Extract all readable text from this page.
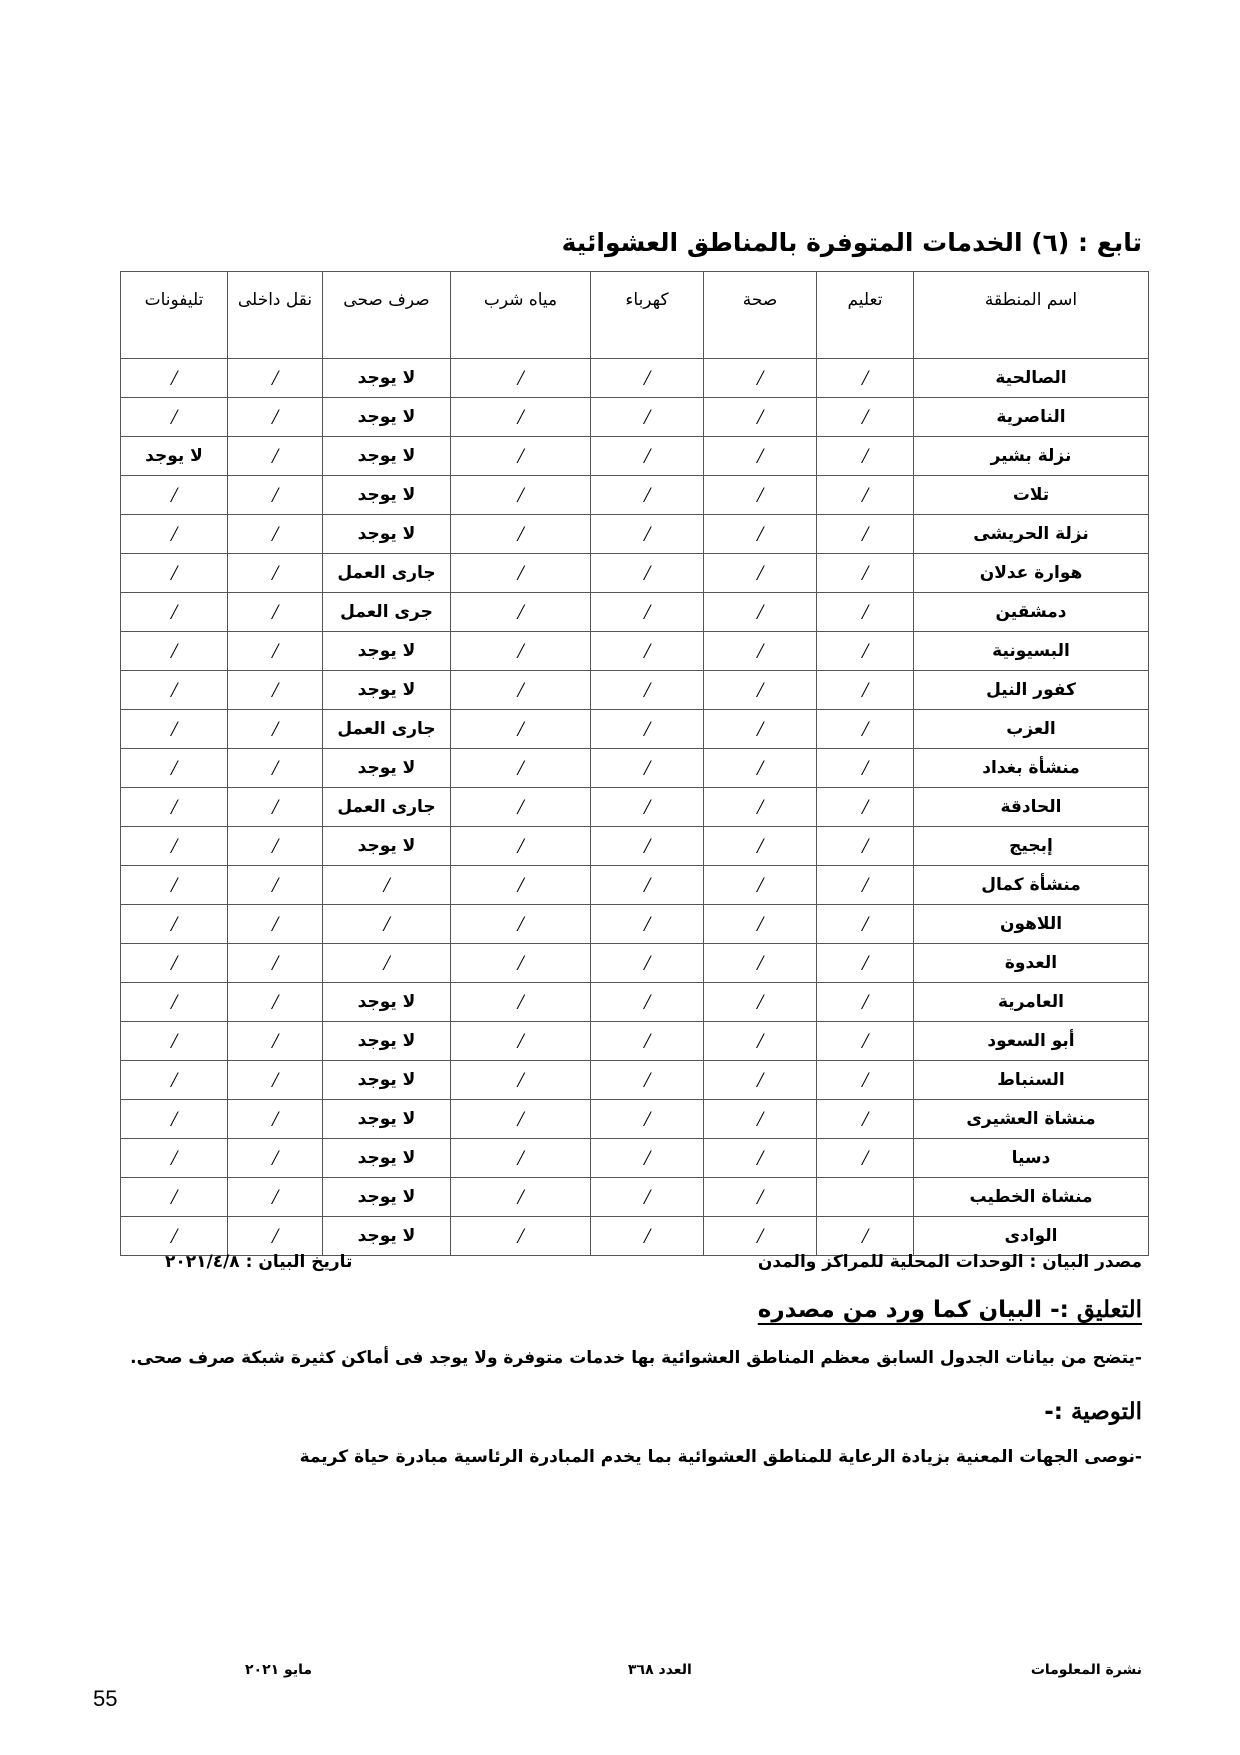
تابع : (٦) الخدمات المتوفرة بالمناطق العشوائية
اسم المنطقة	تعليم	صحة	كهرباء	مياه شرب	صرف صحى	نقل داخلى	تليفونات
الصالحية	/	/	/	/	لا يوجد	/	/
الناصرية	/	/	/	/	لا يوجد	/	/
نزلة بشير	/	/	/	/	لا يوجد	/	لا يوجد
تلات	/	/	/	/	لا يوجد	/	/
نزلة الحريشى	/	/	/	/	لا يوجد	/	/
هوارة عدلان	/	/	/	/	جارى العمل	/	/
دمشقين	/	/	/	/	جرى العمل	/	/
البسيونية	/	/	/	/	لا يوجد	/	/
كفور النيل	/	/	/	/	لا يوجد	/	/
العزب	/	/	/	/	جارى العمل	/	/
منشأة بغداد	/	/	/	/	لا يوجد	/	/
الحادقة	/	/	/	/	جارى العمل	/	/
إبجيج	/	/	/	/	لا يوجد	/	/
منشأة كمال	/	/	/	/	/	/	/
اللاهون	/	/	/	/	/	/	/
العدوة	/	/	/	/	/	/	/
العامرية	/	/	/	/	لا يوجد	/	/
أبو السعود	/	/	/	/	لا يوجد	/	/
السنباط	/	/	/	/	لا يوجد	/	/
منشاة العشيرى	/	/	/	/	لا يوجد	/	/
دسيا	/	/	/	/	لا يوجد	/	/
منشاة الخطيب		/	/	/	لا يوجد	/	/
الوادى	/	/	/	/	لا يوجد	/	/
مصدر البيان : الوحدات المحلية للمراكز والمدن
تاريخ البيان : ٢٠٢١/٤/٨
التعليق :- البيان كما ورد من مصدره
-يتضح من بيانات الجدول السابق معظم المناطق العشوائية بها خدمات متوفرة ولا يوجد فى أماكن كثيرة شبكة صرف صحى.
التوصية :-
-نوصى الجهات المعنية بزيادة الرعاية للمناطق العشوائية بما يخدم المبادرة الرئاسية مبادرة حياة كريمة
نشرة المعلومات
العدد ٣٦٨
مايو ٢٠٢١
55
